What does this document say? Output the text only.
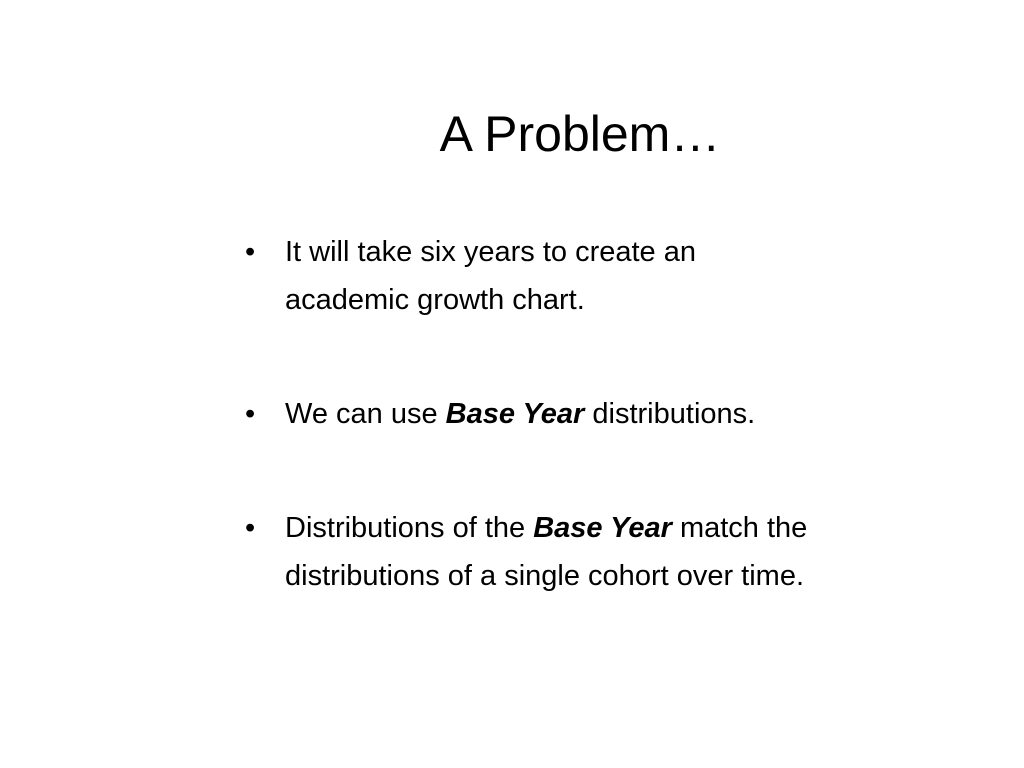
A Problem…
• It will take six years to create an academic growth chart.
• We can use Base Year distributions.
• Distributions of the Base Year match the distributions of a single cohort over time.
